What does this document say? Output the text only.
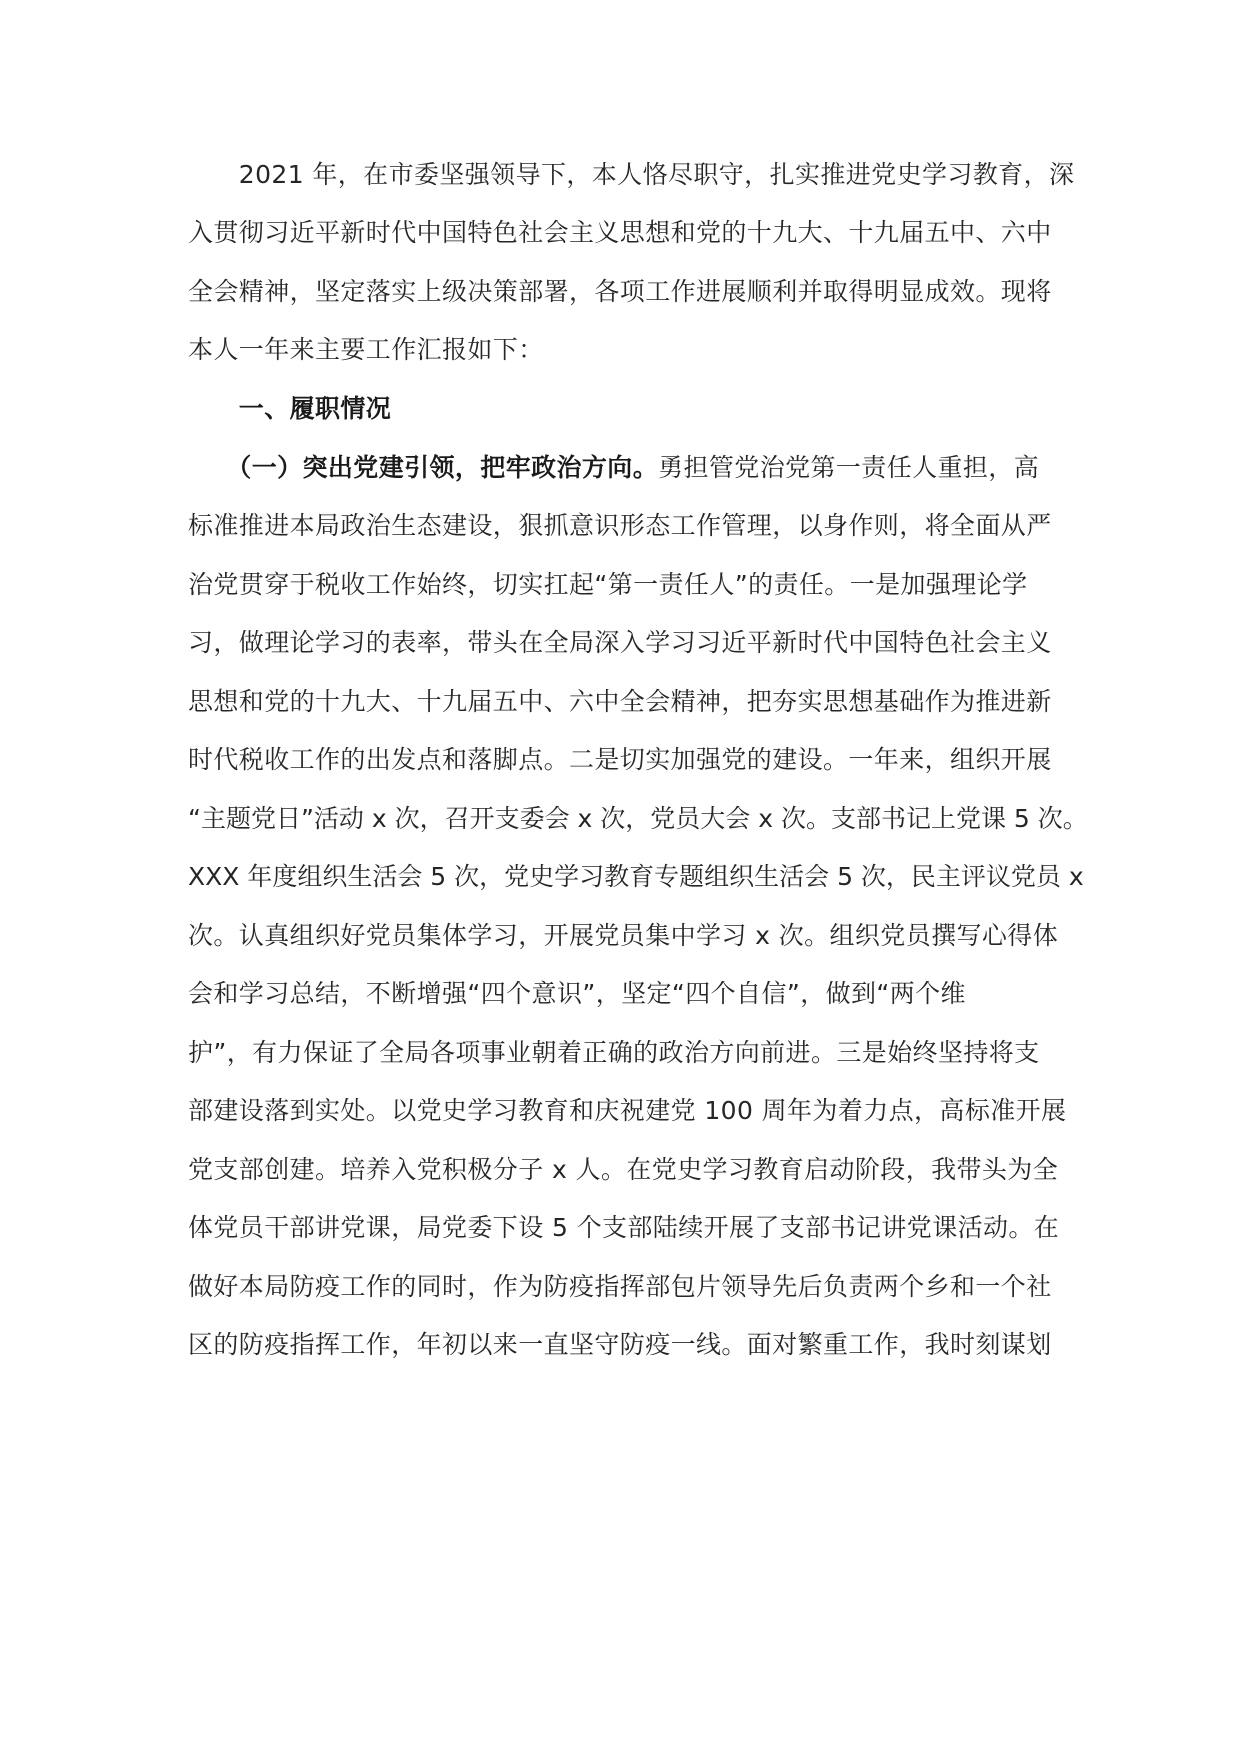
　　2021 年，在市委坚强领导下，本人恪尽职守，扎实推进党史学习教育，深
入贯彻习近平新时代中国特色社会主义思想和党的十九大、十九届五中、六中
全会精神，坚定落实上级决策部署，各项工作进展顺利并取得明显成效。现将
本人一年来主要工作汇报如下：
　　一、履职情况
　　（一）突出党建引领，把牢政治方向。勇担管党治党第一责任人重担，高
标准推进本局政治生态建设，狠抓意识形态工作管理，以身作则，将全面从严
治党贯穿于税收工作始终，切实扛起“第一责任人”的责任。一是加强理论学
习，做理论学习的表率，带头在全局深入学习习近平新时代中国特色社会主义
思想和党的十九大、十九届五中、六中全会精神，把夯实思想基础作为推进新
时代税收工作的出发点和落脚点。二是切实加强党的建设。一年来，组织开展
“主题党日”活动 x 次，召开支委会 x 次，党员大会 x 次。支部书记上党课 5 次。
XXX 年度组织生活会 5 次，党史学习教育专题组织生活会 5 次，民主评议党员 x
次。认真组织好党员集体学习，开展党员集中学习 x 次。组织党员撰写心得体
会和学习总结，不断增强“四个意识”，坚定“四个自信”，做到“两个维
护”，有力保证了全局各项事业朝着正确的政治方向前进。三是始终坚持将支
部建设落到实处。以党史学习教育和庆祝建党 100 周年为着力点，高标准开展
党支部创建。培养入党积极分子 x 人。在党史学习教育启动阶段，我带头为全
体党员干部讲党课，局党委下设 5 个支部陆续开展了支部书记讲党课活动。在
做好本局防疫工作的同时，作为防疫指挥部包片领导先后负责两个乡和一个社
区的防疫指挥工作，年初以来一直坚守防疫一线。面对繁重工作，我时刻谋划
